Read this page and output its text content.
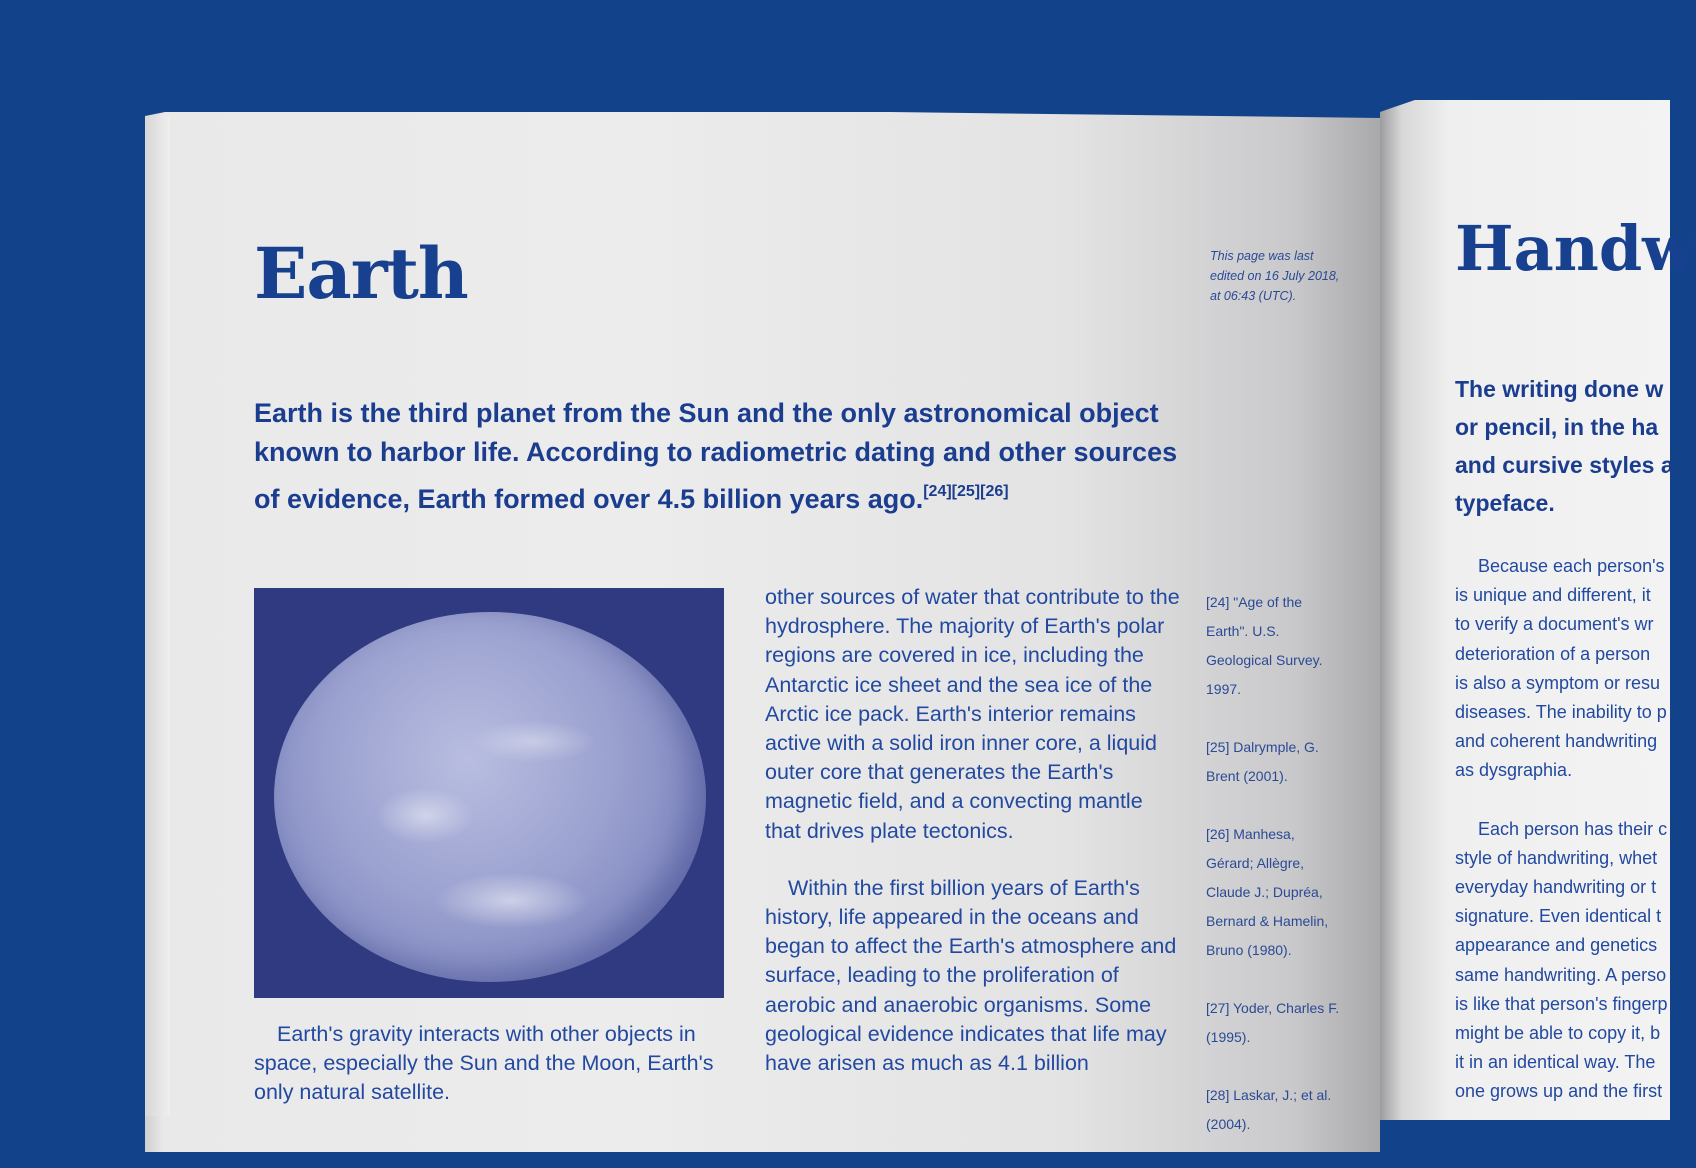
Earth	This page was last edited on 16 July 2018, at 06:43 (UTC).

Earth is the third planet from the Sun and the only astronomical object known to harbor life. According to radiometric dating and other sources of evidence, Earth formed over 4.5 billion years ago.[24][25][26]

Earth's gravity interacts with other objects in space, especially the Sun and the Moon, Earth's only natural satellite.

other sources of water that contribute to the hydrosphere. The majority of Earth's polar regions are covered in ice, including the Antarctic ice sheet and the sea ice of the Arctic ice pack. Earth's interior remains active with a solid iron inner core, a liquid outer core that generates the Earth's magnetic field, and a convecting mantle that drives plate tectonics.

Within the first billion years of Earth's history, life appeared in the oceans and began to affect the Earth's atmosphere and surface, leading to the proliferation of aerobic and anaerobic organisms. Some geological evidence indicates that life may have arisen as much as 4.1 billion

[24] "Age of the Earth". U.S. Geological Survey. 1997.
[25] Dalrymple, G. Brent (2001).
[26] Manhesa, Gérard; Allègre, Claude J.; Dupréa, Bernard & Hamelin, Bruno (1980).
[27] Yoder, Charles F. (1995).
[28] Laskar, J.; et al. (2004).
Handw
The writing done w
or pencil, in the ha
and cursive styles a
typeface.

Because each person's

is unique and different, it

to verify a document's wr

deterioration of a person

is also a symptom or resu

diseases. The inability to p

and coherent handwriting

as dysgraphia.

Each person has their c

style of handwriting, whet

everyday handwriting or t

signature. Even identical t

appearance and genetics

same handwriting. A perso

is like that person's fingerp

might be able to copy it, b

it in an identical way. The

one grows up and the first
